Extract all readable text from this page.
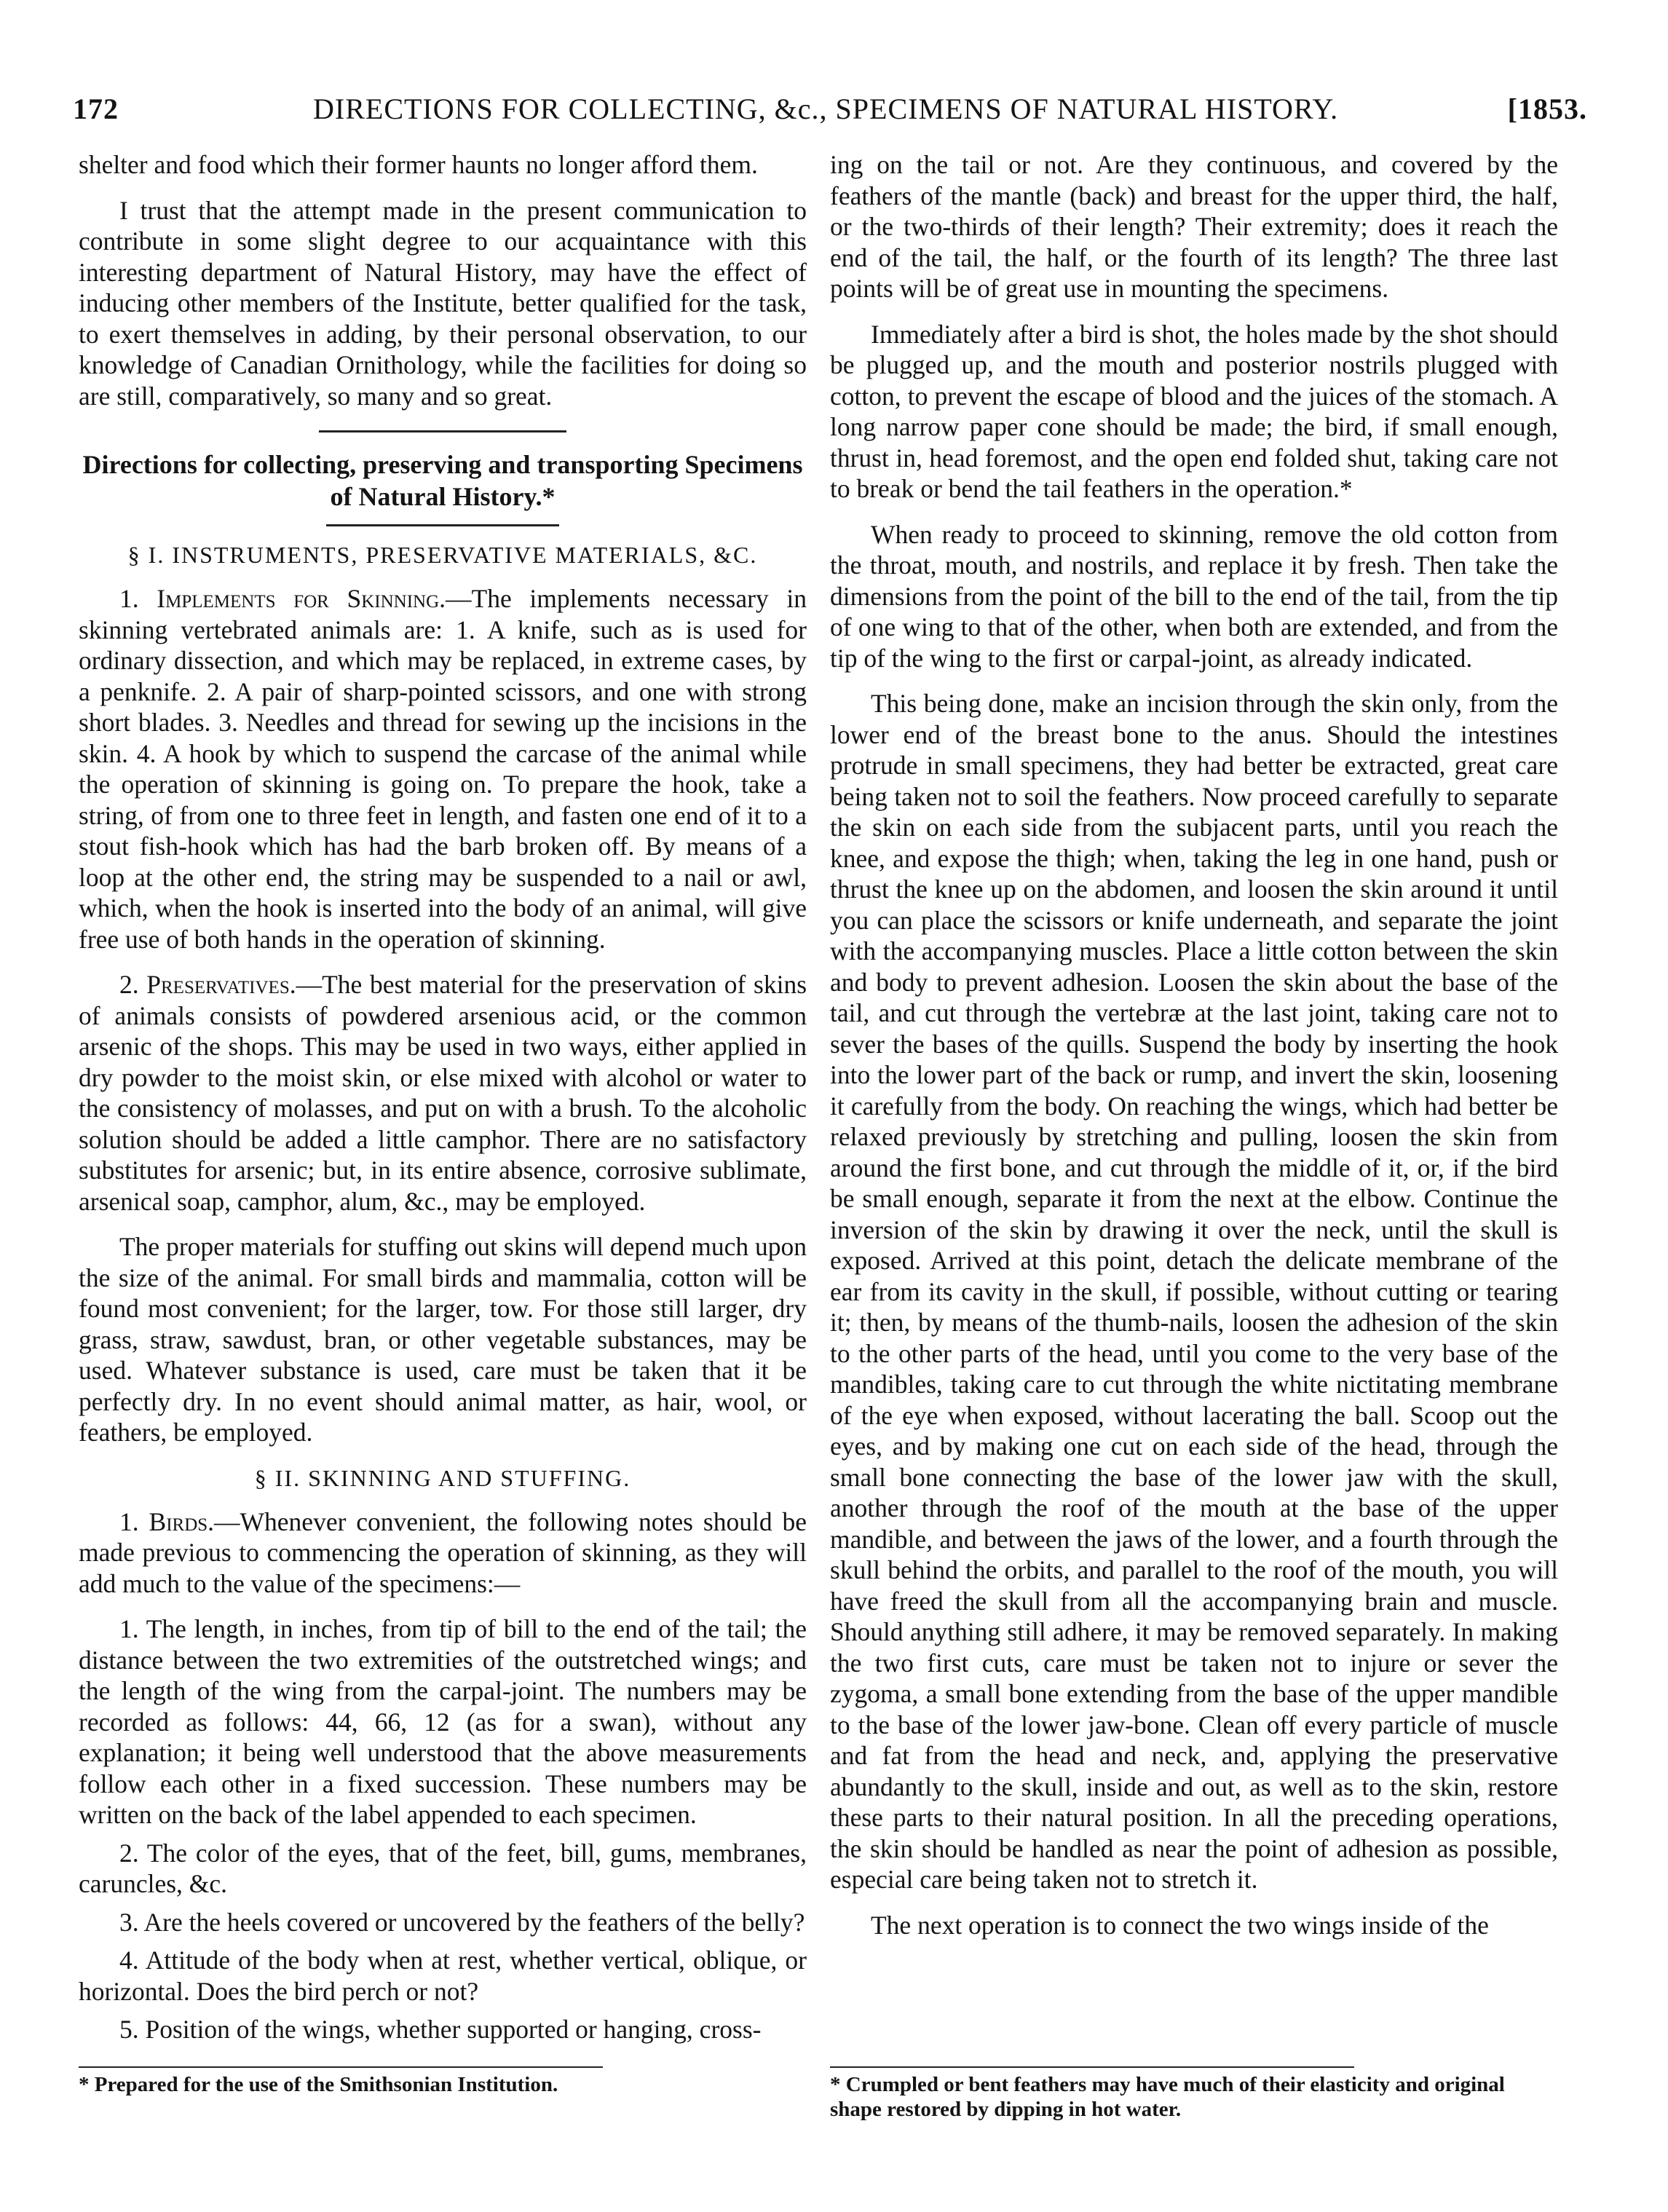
172	DIRECTIONS FOR COLLECTING, &c., SPECIMENS OF NATURAL HISTORY.	[1853.

shelter and food which their former haunts no longer afford them.

I trust that the attempt made in the present communication to contribute in some slight degree to our acquaintance with this interesting department of Natural History, may have the effect of inducing other members of the Institute, better qualified for the task, to exert themselves in adding, by their personal observation, to our knowledge of Canadian Ornithology, while the facilities for doing so are still, comparatively, so many and so great.

Directions for collecting, preserving and transporting Specimens of Natural History.*
§ I. INSTRUMENTS, PRESERVATIVE MATERIALS, &C.

1. Implements for Skinning.—The implements necessary in skinning vertebrated animals are: 1. A knife, such as is used for ordinary dissection, and which may be replaced, in extreme cases, by a penknife. 2. A pair of sharp-pointed scissors, and one with strong short blades. 3. Needles and thread for sewing up the incisions in the skin. 4. A hook by which to suspend the carcase of the animal while the operation of skinning is going on. To prepare the hook, take a string, of from one to three feet in length, and fasten one end of it to a stout fish-hook which has had the barb broken off. By means of a loop at the other end, the string may be suspended to a nail or awl, which, when the hook is inserted into the body of an animal, will give free use of both hands in the operation of skinning.

2. Preservatives.—The best material for the preservation of skins of animals consists of powdered arsenious acid, or the common arsenic of the shops. This may be used in two ways, either applied in dry powder to the moist skin, or else mixed with alcohol or water to the consistency of molasses, and put on with a brush. To the alcoholic solution should be added a little camphor. There are no satisfactory substitutes for arsenic; but, in its entire absence, corrosive sublimate, arsenical soap, camphor, alum, &c., may be employed.

The proper materials for stuffing out skins will depend much upon the size of the animal. For small birds and mammalia, cotton will be found most convenient; for the larger, tow. For those still larger, dry grass, straw, sawdust, bran, or other vegetable substances, may be used. Whatever substance is used, care must be taken that it be perfectly dry. In no event should animal matter, as hair, wool, or feathers, be employed.

§ II. SKINNING AND STUFFING.

1. Birds.—Whenever convenient, the following notes should be made previous to commencing the operation of skinning, as they will add much to the value of the specimens:—

1. The length, in inches, from tip of bill to the end of the tail; the distance between the two extremities of the outstretched wings; and the length of the wing from the carpal-joint. The numbers may be recorded as follows: 44, 66, 12 (as for a swan), without any explanation; it being well understood that the above measurements follow each other in a fixed succession. These numbers may be written on the back of the label appended to each specimen.

2. The color of the eyes, that of the feet, bill, gums, membranes, caruncles, &c.

3. Are the heels covered or uncovered by the feathers of the belly?

4. Attitude of the body when at rest, whether vertical, oblique, or horizontal. Does the bird perch or not?

5. Position of the wings, whether supported or hanging, cross-

* Prepared for the use of the Smithsonian Institution.

ing on the tail or not. Are they continuous, and covered by the feathers of the mantle (back) and breast for the upper third, the half, or the two-thirds of their length? Their extremity; does it reach the end of the tail, the half, or the fourth of its length? The three last points will be of great use in mounting the specimens.

Immediately after a bird is shot, the holes made by the shot should be plugged up, and the mouth and posterior nostrils plugged with cotton, to prevent the escape of blood and the juices of the stomach. A long narrow paper cone should be made; the bird, if small enough, thrust in, head foremost, and the open end folded shut, taking care not to break or bend the tail feathers in the operation.*

When ready to proceed to skinning, remove the old cotton from the throat, mouth, and nostrils, and replace it by fresh. Then take the dimensions from the point of the bill to the end of the tail, from the tip of one wing to that of the other, when both are extended, and from the tip of the wing to the first or carpal-joint, as already indicated.

This being done, make an incision through the skin only, from the lower end of the breast bone to the anus. Should the intestines protrude in small specimens, they had better be extracted, great care being taken not to soil the feathers. Now proceed carefully to separate the skin on each side from the subjacent parts, until you reach the knee, and expose the thigh; when, taking the leg in one hand, push or thrust the knee up on the abdomen, and loosen the skin around it until you can place the scissors or knife underneath, and separate the joint with the accompanying muscles. Place a little cotton between the skin and body to prevent adhesion. Loosen the skin about the base of the tail, and cut through the vertebræ at the last joint, taking care not to sever the bases of the quills. Suspend the body by inserting the hook into the lower part of the back or rump, and invert the skin, loosening it carefully from the body. On reaching the wings, which had better be relaxed previously by stretching and pulling, loosen the skin from around the first bone, and cut through the middle of it, or, if the bird be small enough, separate it from the next at the elbow. Continue the inversion of the skin by drawing it over the neck, until the skull is exposed. Arrived at this point, detach the delicate membrane of the ear from its cavity in the skull, if possible, without cutting or tearing it; then, by means of the thumb-nails, loosen the adhesion of the skin to the other parts of the head, until you come to the very base of the mandibles, taking care to cut through the white nictitating membrane of the eye when exposed, without lacerating the ball. Scoop out the eyes, and by making one cut on each side of the head, through the small bone connecting the base of the lower jaw with the skull, another through the roof of the mouth at the base of the upper mandible, and between the jaws of the lower, and a fourth through the skull behind the orbits, and parallel to the roof of the mouth, you will have freed the skull from all the accompanying brain and muscle. Should anything still adhere, it may be removed separately. In making the two first cuts, care must be taken not to injure or sever the zygoma, a small bone extending from the base of the upper mandible to the base of the lower jaw-bone. Clean off every particle of muscle and fat from the head and neck, and, applying the preservative abundantly to the skull, inside and out, as well as to the skin, restore these parts to their natural position. In all the preceding operations, the skin should be handled as near the point of adhesion as possible, especial care being taken not to stretch it.

The next operation is to connect the two wings inside of the

* Crumpled or bent feathers may have much of their elasticity and original shape restored by dipping in hot water.
